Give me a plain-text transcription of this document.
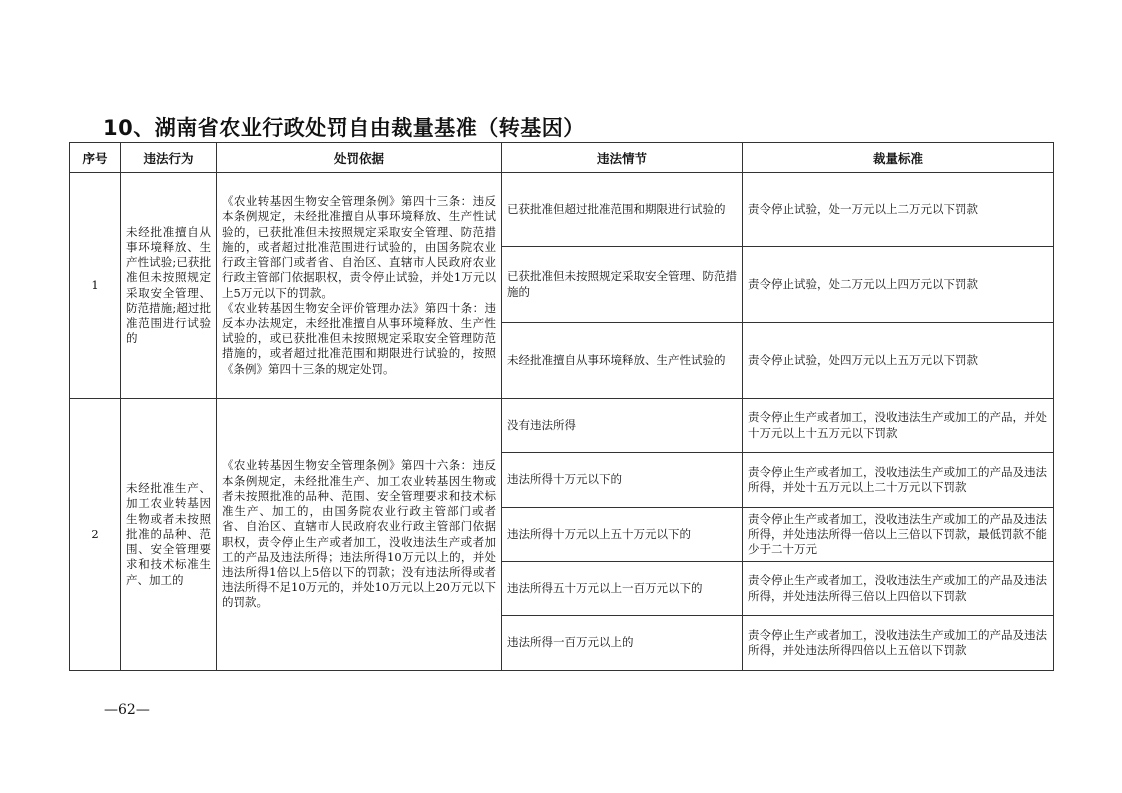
10、湖南省农业行政处罚自由裁量基准（转基因）
序号	违法行为	处罚依据	违法情节	裁量标准
1	未经批准擅自从事环境释放、生产性试验;已获批准但未按照规定采取安全管理、防范措施;超过批准范围进行试验的	《农业转基因生物安全管理条例》第四十三条：违反本条例规定，未经批准擅自从事环境释放、生产性试验的，已获批准但未按照规定采取安全管理、防范措施的，或者超过批准范围进行试验的，由国务院农业行政主管部门或者省、自治区、直辖市人民政府农业行政主管部门依据职权，责令停止试验，并处1万元以上5万元以下的罚款。
《农业转基因生物安全评价管理办法》第四十条：违反本办法规定，未经批准擅自从事环境释放、生产性试验的，或已获批准但未按照规定采取安全管理防范措施的，或者超过批准范围和期限进行试验的，按照《条例》第四十三条的规定处罚。	已获批准但超过批准范围和期限进行试验的	责令停止试验，处一万元以上二万元以下罚款
			已获批准但未按照规定采取安全管理、防范措施的	责令停止试验，处二万元以上四万元以下罚款
			未经批准擅自从事环境释放、生产性试验的	责令停止试验，处四万元以上五万元以下罚款
2	未经批准生产、加工农业转基因生物或者未按照批准的品种、范围、安全管理要求和技术标准生产、加工的	《农业转基因生物安全管理条例》第四十六条：违反本条例规定，未经批准生产、加工农业转基因生物或者未按照批准的品种、范围、安全管理要求和技术标准生产、加工的，由国务院农业行政主管部门或者省、自治区、直辖市人民政府农业行政主管部门依据职权，责令停止生产或者加工，没收违法生产或者加工的产品及违法所得；违法所得10万元以上的，并处违法所得1倍以上5倍以下的罚款；没有违法所得或者违法所得不足10万元的，并处10万元以上20万元以下的罚款。	没有违法所得	责令停止生产或者加工，没收违法生产或加工的产品，并处十万元以上十五万元以下罚款
			违法所得十万元以下的	责令停止生产或者加工，没收违法生产或加工的产品及违法所得，并处十五万元以上二十万元以下罚款
			违法所得十万元以上五十万元以下的	责令停止生产或者加工，没收违法生产或加工的产品及违法所得，并处违法所得一倍以上三倍以下罚款，最低罚款不能少于二十万元
			违法所得五十万元以上一百万元以下的	责令停止生产或者加工，没收违法生产或加工的产品及违法所得，并处违法所得三倍以上四倍以下罚款
			违法所得一百万元以上的	责令停止生产或者加工，没收违法生产或加工的产品及违法所得，并处违法所得四倍以上五倍以下罚款
—62—
